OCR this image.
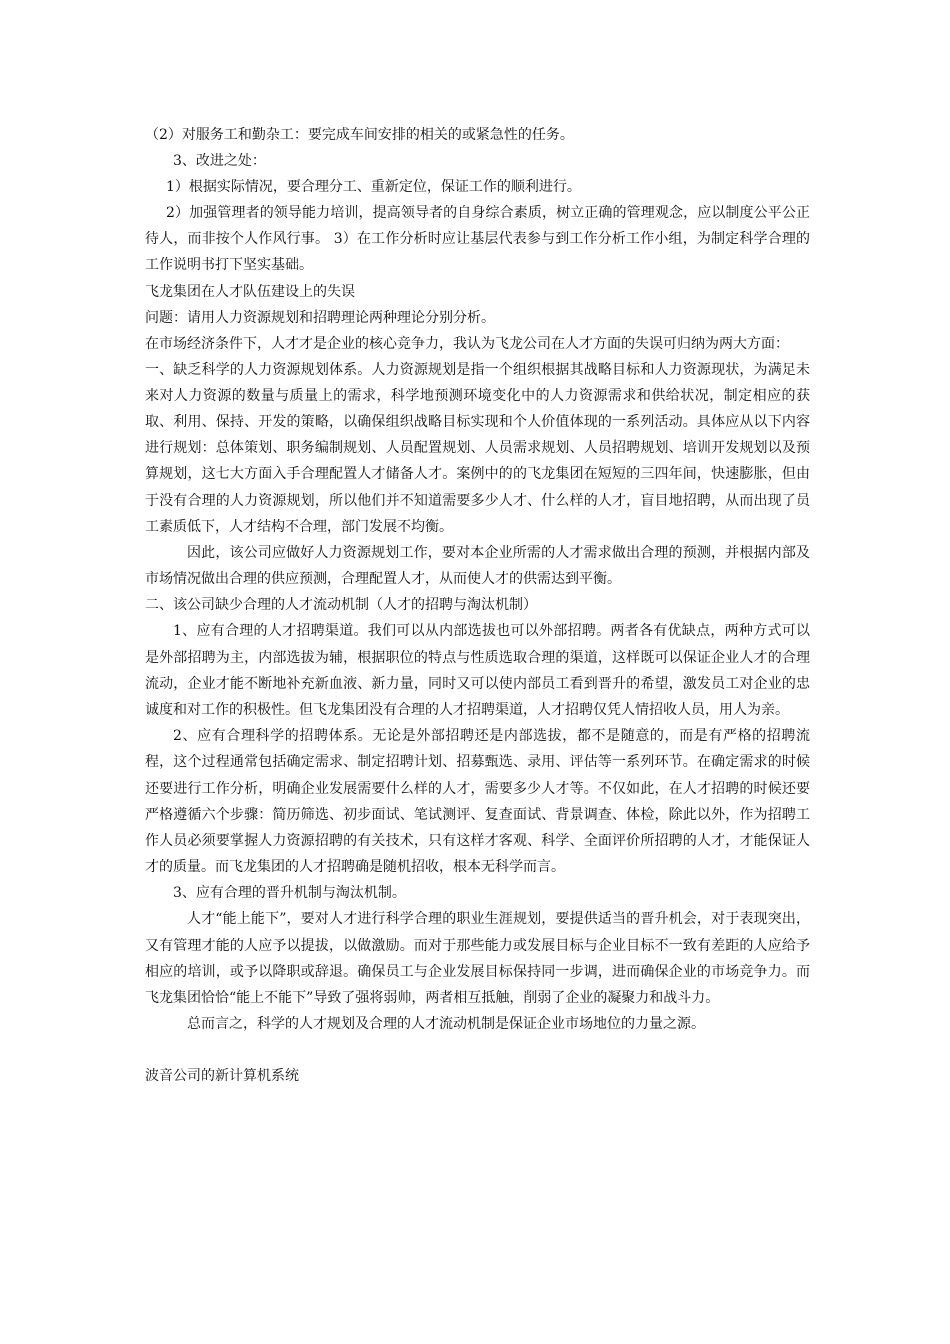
（2）对服务工和勤杂工：要完成车间安排的相关的或紧急性的任务。

3、改进之处：

1）根据实际情况，要合理分工、重新定位，保证工作的顺利进行。

2）加强管理者的领导能力培训，提高领导者的自身综合素质，树立正确的管理观念，应以制度公平公正待人，而非按个人作风行事。 3）在工作分析时应让基层代表参与到工作分析工作小组，为制定科学合理的工作说明书打下坚实基础。

飞龙集团在人才队伍建设上的失误

问题：请用人力资源规划和招聘理论两种理论分别分析。

在市场经济条件下，人才才是企业的核心竞争力，我认为飞龙公司在人才方面的失误可归纳为两大方面：

一、缺乏科学的人力资源规划体系。人力资源规划是指一个组织根据其战略目标和人力资源现状，为满足未来对人力资源的数量与质量上的需求，科学地预测环境变化中的人力资源需求和供给状况，制定相应的获取、利用、保持、开发的策略，以确保组织战略目标实现和个人价值体现的一系列活动。具体应从以下内容进行规划：总体策划、职务编制规划、人员配置规划、人员需求规划、人员招聘规划、培训开发规划以及预算规划，这七大方面入手合理配置人才储备人才。案例中的的飞龙集团在短短的三四年间，快速膨胀，但由于没有合理的人力资源规划，所以他们并不知道需要多少人才、什么样的人才，盲目地招聘，从而出现了员工素质低下，人才结构不合理，部门发展不均衡。

因此，该公司应做好人力资源规划工作，要对本企业所需的人才需求做出合理的预测，并根据内部及市场情况做出合理的供应预测，合理配置人才，从而使人才的供需达到平衡。

二、该公司缺少合理的人才流动机制（人才的招聘与淘汰机制）

1、应有合理的人才招聘渠道。我们可以从内部选拔也可以外部招聘。两者各有优缺点，两种方式可以是外部招聘为主，内部选拔为辅，根据职位的特点与性质选取合理的渠道，这样既可以保证企业人才的合理流动，企业才能不断地补充新血液、新力量，同时又可以使内部员工看到晋升的希望，激发员工对企业的忠诚度和对工作的积极性。但飞龙集团没有合理的人才招聘渠道，人才招聘仅凭人情招收人员，用人为亲。

2、应有合理科学的招聘体系。无论是外部招聘还是内部选拔，都不是随意的，而是有严格的招聘流程，这个过程通常包括确定需求、制定招聘计划、招募甄选、录用、评估等一系列环节。在确定需求的时候还要进行工作分析，明确企业发展需要什么样的人才，需要多少人才等。不仅如此，在人才招聘的时候还要严格遵循六个步骤：简历筛选、初步面试、笔试测评、复查面试、背景调查、体检，除此以外，作为招聘工作人员必须要掌握人力资源招聘的有关技术，只有这样才客观、科学、全面评价所招聘的人才，才能保证人才的质量。而飞龙集团的人才招聘确是随机招收，根本无科学而言。

3、应有合理的晋升机制与淘汰机制。

人才“能上能下”，要对人才进行科学合理的职业生涯规划，要提供适当的晋升机会，对于表现突出，又有管理才能的人应予以提拔，以做激励。而对于那些能力或发展目标与企业目标不一致有差距的人应给予相应的培训，或予以降职或辞退。确保员工与企业发展目标保持同一步调，进而确保企业的市场竞争力。而飞龙集团恰恰“能上不能下”导致了强将弱帅，两者相互抵触，削弱了企业的凝聚力和战斗力。

总而言之，科学的人才规划及合理的人才流动机制是保证企业市场地位的力量之源。

波音公司的新计算机系统
